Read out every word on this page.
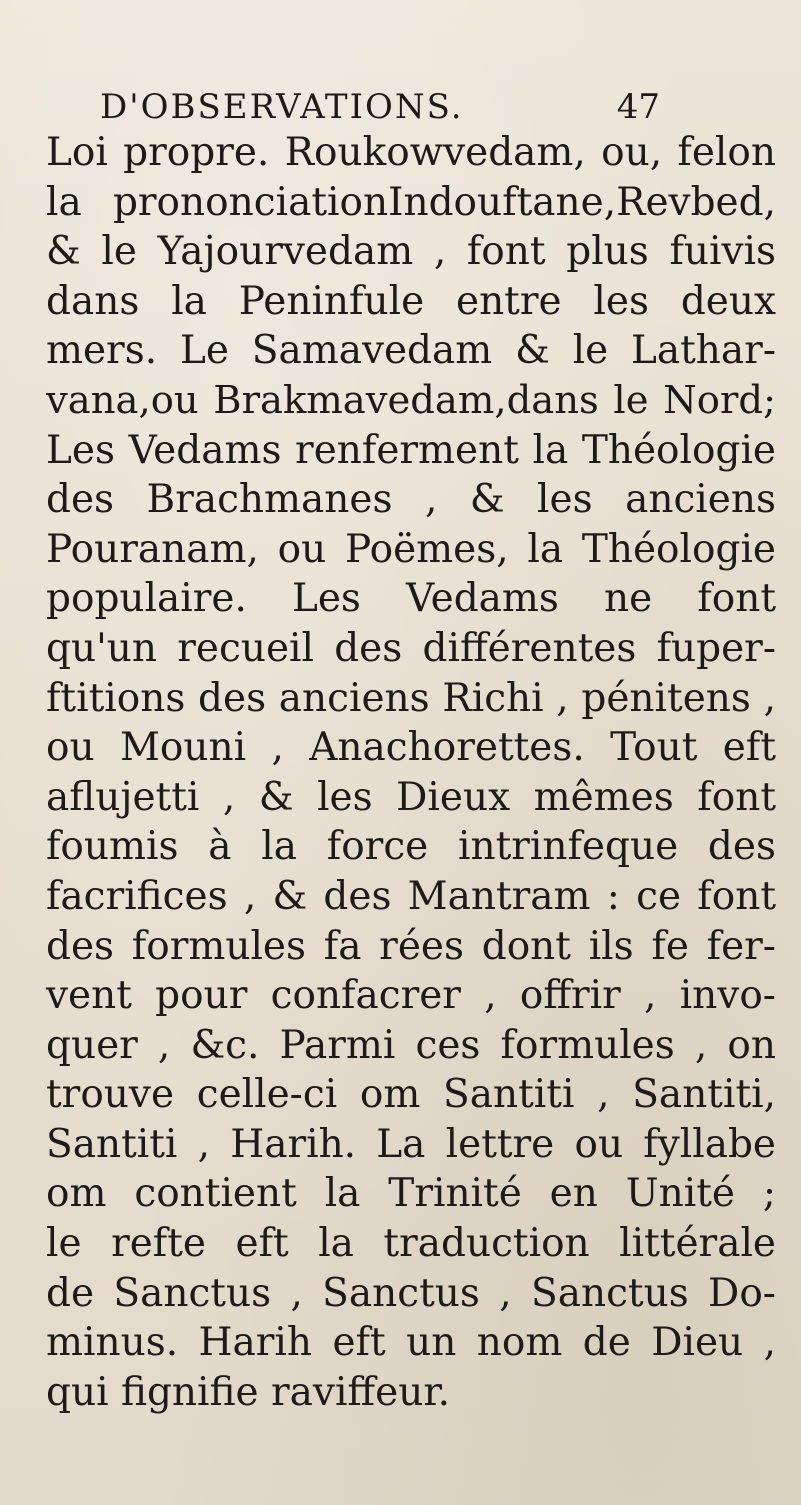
D'OBSERVATIONS.	47
Loi propre. Roukowvedam, ou, felon
la prononciationIndouftane,Revbed,
& le Yajourvedam , font plus fuivis
dans la Peninfule entre les deux
mers. Le Samavedam & le Lathar-
vana,ou Brakmavedam,dans le Nord;
Les Vedams renferment la Théologie
des Brachmanes , & les anciens
Pouranam, ou Poëmes, la Théologie
populaire. Les Vedams ne font
qu'un recueil des différentes fuper-
ftitions des anciens Richi , pénitens ,
ou Mouni , Anachorettes. Tout eft
aflujetti , & les Dieux mêmes font
foumis à la force intrinfeque des
facrifices , & des Mantram : ce font
des formules fa rées dont ils fe fer-
vent pour confacrer , offrir , invo-
quer , &c. Parmi ces formules , on
trouve celle-ci om Santiti , Santiti,
Santiti , Harih. La lettre ou fyllabe
om contient la Trinité en Unité ;
le refte eft la traduction littérale
de Sanctus , Sanctus , Sanctus Do-
minus. Harih eft un nom de Dieu ,
qui fignifie raviffeur.
